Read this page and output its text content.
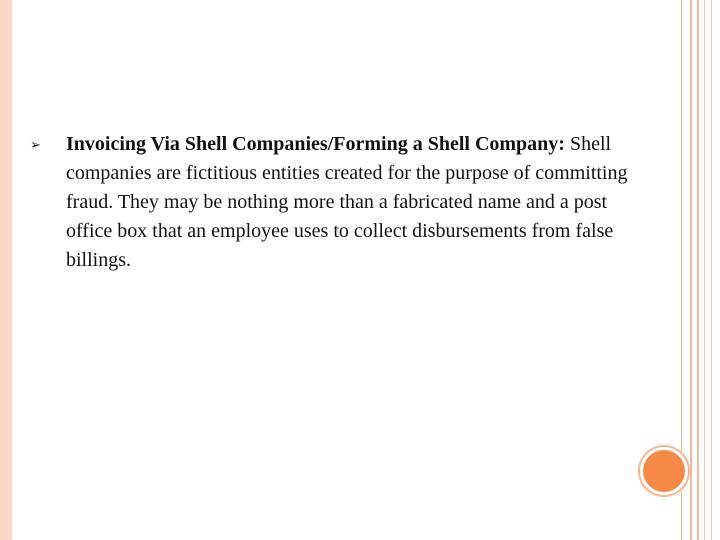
➢ Invoicing Via Shell Companies/Forming a Shell Company: Shell companies are fictitious entities created for the purpose of committing fraud. They may be nothing more than a fabricated name and a post office box that an employee uses to collect disbursements from false billings.
